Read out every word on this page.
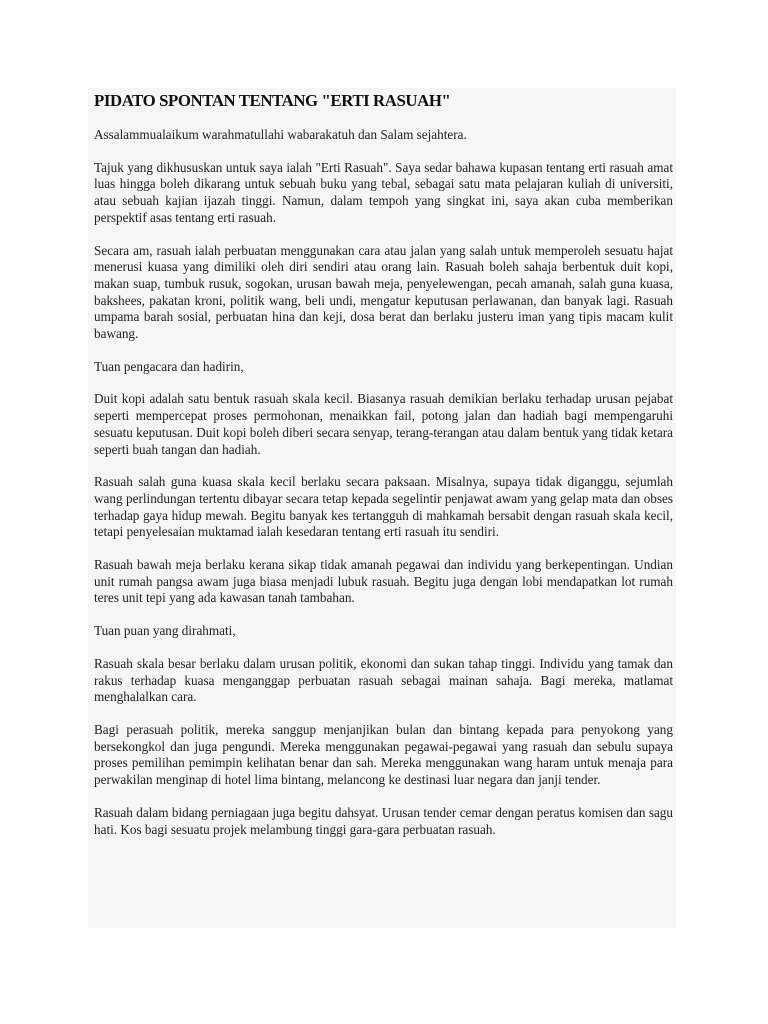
PIDATO SPONTAN TENTANG "ERTI RASUAH"

Assalammualaikum warahmatullahi wabarakatuh dan Salam sejahtera.

Tajuk yang dikhususkan untuk saya ialah "Erti Rasuah". Saya sedar bahawa kupasan tentang erti rasuah amat luas hingga boleh dikarang untuk sebuah buku yang tebal, sebagai satu mata pelajaran kuliah di universiti, atau sebuah kajian ijazah tinggi. Namun, dalam tempoh yang singkat ini, saya akan cuba memberikan perspektif asas tentang erti rasuah.

Secara am, rasuah ialah perbuatan menggunakan cara atau jalan yang salah untuk memperoleh sesuatu hajat menerusi kuasa yang dimiliki oleh diri sendiri atau orang lain. Rasuah boleh sahaja berbentuk duit kopi, makan suap, tumbuk rusuk, sogokan, urusan bawah meja, penyelewengan, pecah amanah, salah guna kuasa, bakshees, pakatan kroni, politik wang, beli undi, mengatur keputusan perlawanan, dan banyak lagi. Rasuah umpama barah sosial, perbuatan hina dan keji, dosa berat dan berlaku justeru iman yang tipis macam kulit bawang.

Tuan pengacara dan hadirin,

Duit kopi adalah satu bentuk rasuah skala kecil. Biasanya rasuah demikian berlaku terhadap urusan pejabat seperti mempercepat proses permohonan, menaikkan fail, potong jalan dan hadiah bagi mempengaruhi sesuatu keputusan. Duit kopi boleh diberi secara senyap, terang-terangan atau dalam bentuk yang tidak ketara seperti buah tangan dan hadiah.

Rasuah salah guna kuasa skala kecil berlaku secara paksaan. Misalnya, supaya tidak diganggu, sejumlah wang perlindungan tertentu dibayar secara tetap kepada segelintir penjawat awam yang gelap mata dan obses terhadap gaya hidup mewah. Begitu banyak kes tertangguh di mahkamah bersabit dengan rasuah skala kecil, tetapi penyelesaian muktamad ialah kesedaran tentang erti rasuah itu sendiri.

Rasuah bawah meja berlaku kerana sikap tidak amanah pegawai dan individu yang berkepentingan. Undian unit rumah pangsa awam juga biasa menjadi lubuk rasuah. Begitu juga dengan lobi mendapatkan lot rumah teres unit tepi yang ada kawasan tanah tambahan.

Tuan puan yang dirahmati,

Rasuah skala besar berlaku dalam urusan politik, ekonomi dan sukan tahap tinggi. Individu yang tamak dan rakus terhadap kuasa menganggap perbuatan rasuah sebagai mainan sahaja. Bagi mereka, matlamat menghalalkan cara.

Bagi perasuah politik, mereka sanggup menjanjikan bulan dan bintang kepada para penyokong yang bersekongkol dan juga pengundi. Mereka menggunakan pegawai-pegawai yang rasuah dan sebulu supaya proses pemilihan pemimpin kelihatan benar dan sah. Mereka menggunakan wang haram untuk menaja para perwakilan menginap di hotel lima bintang, melancong ke destinasi luar negara dan janji tender.

Rasuah dalam bidang perniagaan juga begitu dahsyat. Urusan tender cemar dengan peratus komisen dan sagu hati. Kos bagi sesuatu projek melambung tinggi gara-gara perbuatan rasuah.
